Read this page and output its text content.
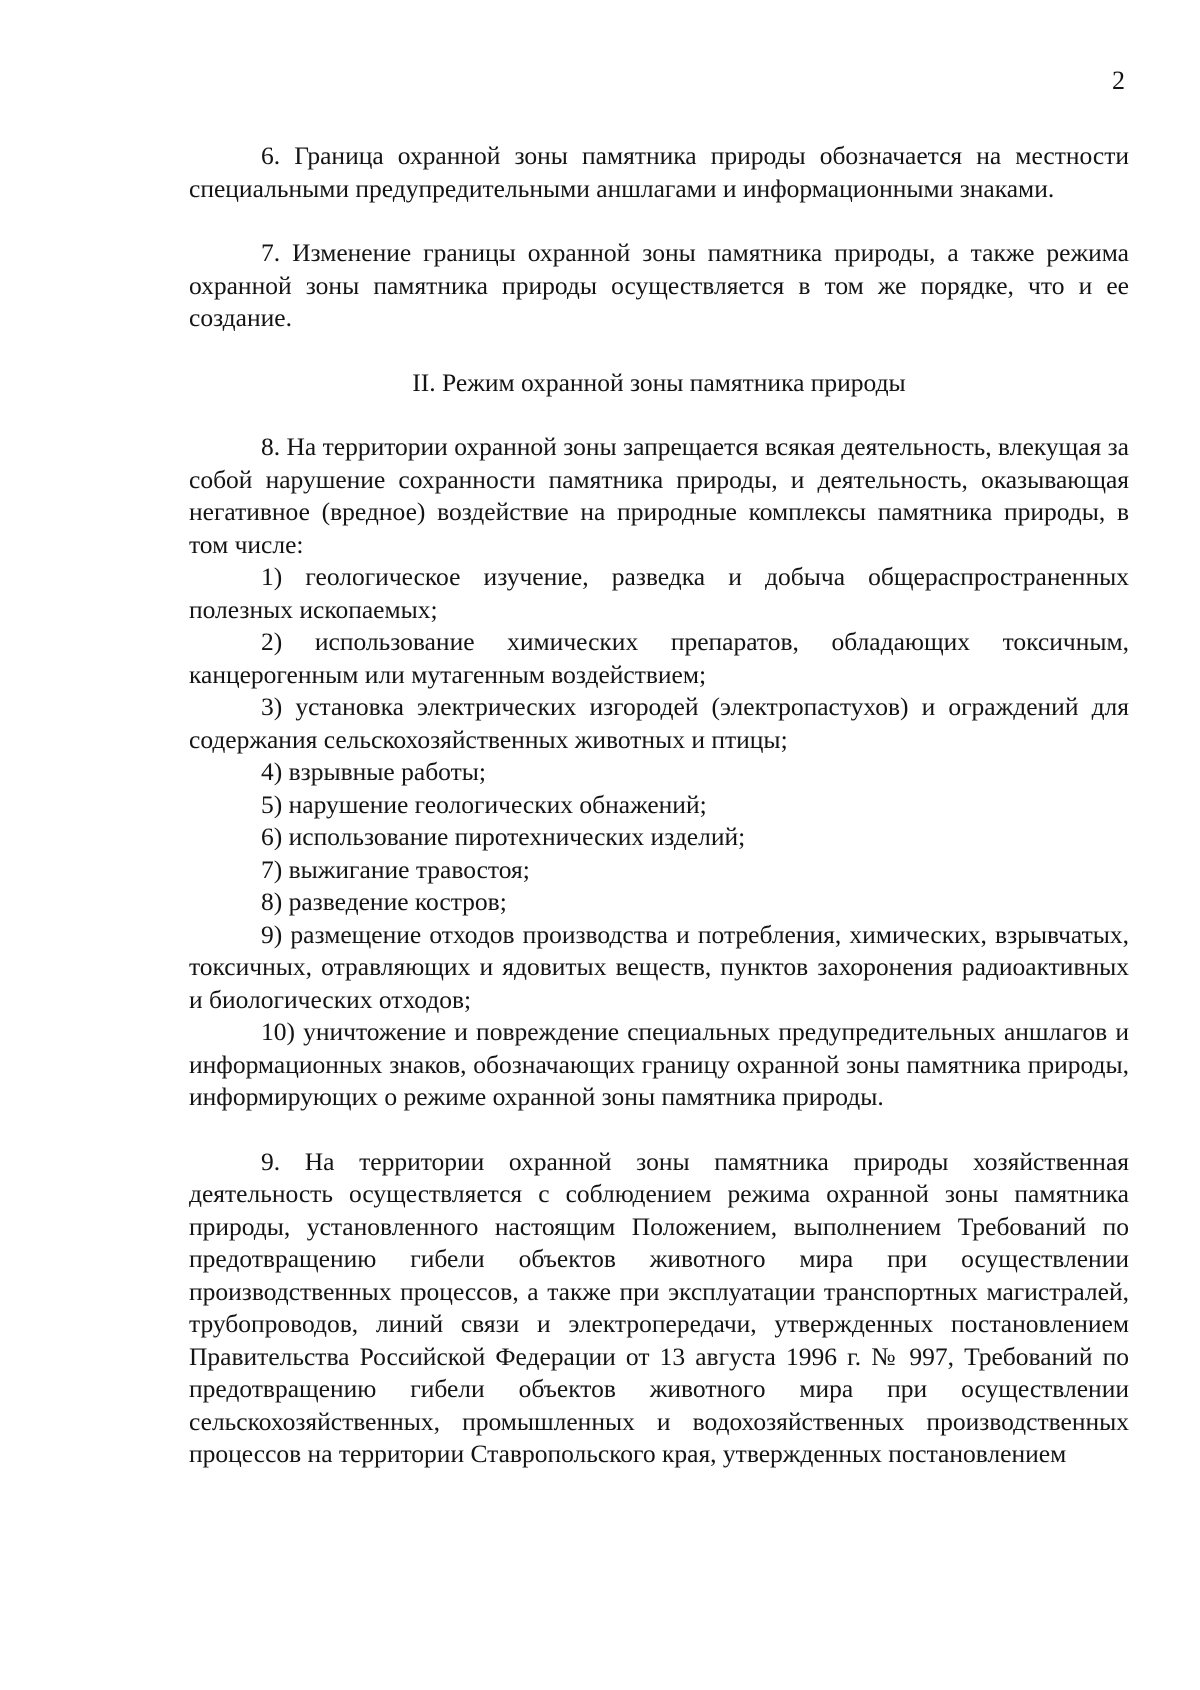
2

6. Граница охранной зоны памятника природы обозначается на местности специальными предупредительными аншлагами и информационными знаками.

7. Изменение границы охранной зоны памятника природы, а также режима охранной зоны памятника природы осуществляется в том же порядке, что и ее создание.

II. Режим охранной зоны памятника природы

8. На территории охранной зоны запрещается всякая деятельность, влекущая за собой нарушение сохранности памятника природы, и деятельность, оказывающая негативное (вредное) воздействие на природные комплексы памятника природы, в том числе:

1) геологическое изучение, разведка и добыча общераспространенных полезных ископаемых;

2) использование химических препаратов, обладающих токсичным, канцерогенным или мутагенным воздействием;

3) установка электрических изгородей (электропастухов) и ограждений для содержания сельскохозяйственных животных и птицы;

4) взрывные работы;

5) нарушение геологических обнажений;

6) использование пиротехнических изделий;

7) выжигание травостоя;

8) разведение костров;

9) размещение отходов производства и потребления, химических, взрывчатых, токсичных, отравляющих и ядовитых веществ, пунктов захоронения радиоактивных и биологических отходов;

10) уничтожение и повреждение специальных предупредительных аншлагов и информационных знаков, обозначающих границу охранной зоны памятника природы, информирующих о режиме охранной зоны памятника природы.

9. На территории охранной зоны памятника природы хозяйственная деятельность осуществляется с соблюдением режима охранной зоны памятника природы, установленного настоящим Положением, выполнением Требований по предотвращению гибели объектов животного мира при осуществлении производственных процессов, а также при эксплуатации транспортных магистралей, трубопроводов, линий связи и электропередачи, утвержденных постановлением Правительства Российской Федерации от 13 августа 1996 г. № 997, Требований по предотвращению гибели объектов животного мира при осуществлении сельскохозяйственных, промышленных и водохозяйственных производственных процессов на территории Ставропольского края, утвержденных постановлением
